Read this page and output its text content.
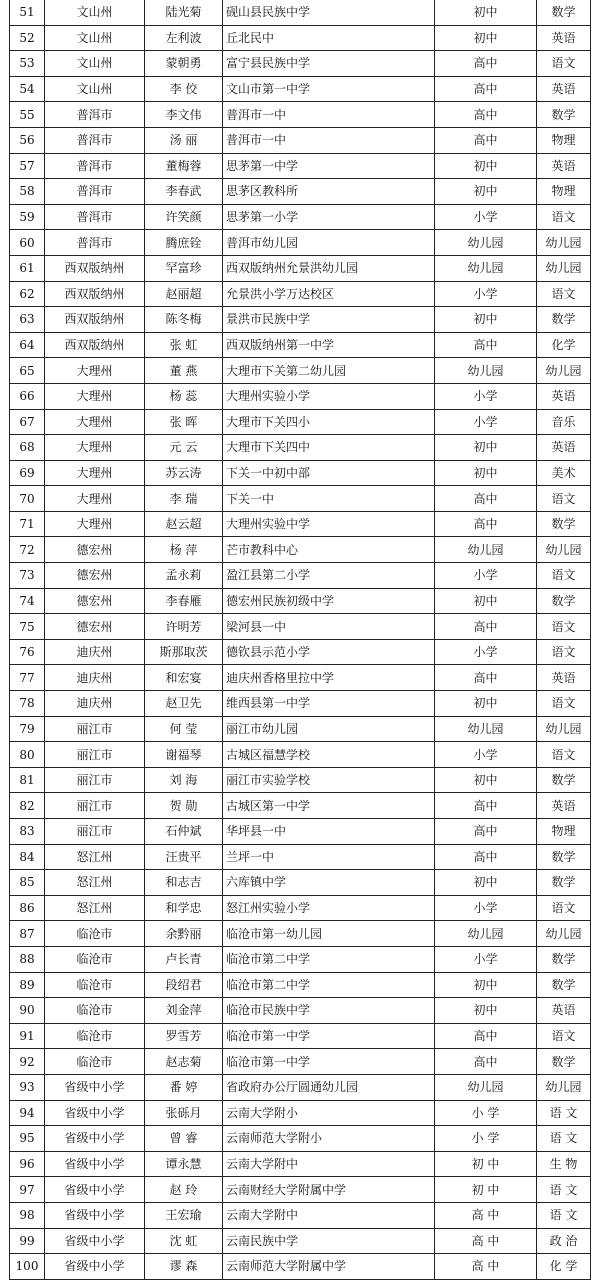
51	文山州	陆光菊	砚山县民族中学	初中	数学
52	文山州	左利波	丘北民中	初中	英语
53	文山州	蒙朝勇	富宁县民族中学	高中	语文
54	文山州	李 佼	文山市第一中学	高中	英语
55	普洱市	李文伟	普洱市一中	高中	数学
56	普洱市	汤 丽	普洱市一中	高中	物理
57	普洱市	董梅蓉	思茅第一中学	初中	英语
58	普洱市	李春武	思茅区教科所	初中	物理
59	普洱市	许笑颜	思茅第一小学	小学	语文
60	普洱市	腾庶铨	普洱市幼儿园	幼儿园	幼儿园
61	西双版纳州	罕富珍	西双版纳州允景洪幼儿园	幼儿园	幼儿园
62	西双版纳州	赵丽超	允景洪小学万达校区	小学	语文
63	西双版纳州	陈冬梅	景洪市民族中学	初中	数学
64	西双版纳州	张 虹	西双版纳州第一中学	高中	化学
65	大理州	董 燕	大理市下关第二幼儿园	幼儿园	幼儿园
66	大理州	杨 蕊	大理州实验小学	小学	英语
67	大理州	张 晖	大理市下关四小	小学	音乐
68	大理州	元 云	大理市下关四中	初中	英语
69	大理州	苏云涛	下关一中初中部	初中	美术
70	大理州	李 瑞	下关一中	高中	语文
71	大理州	赵云超	大理州实验中学	高中	数学
72	德宏州	杨 萍	芒市教科中心	幼儿园	幼儿园
73	德宏州	孟永莉	盈江县第二小学	小学	语文
74	德宏州	李春雁	德宏州民族初级中学	初中	数学
75	德宏州	许明芳	梁河县一中	高中	语文
76	迪庆州	斯那取茨	德钦县示范小学	小学	语文
77	迪庆州	和宏宴	迪庆州香格里拉中学	高中	英语
78	迪庆州	赵卫先	维西县第一中学	初中	语文
79	丽江市	何 莹	丽江市幼儿园	幼儿园	幼儿园
80	丽江市	谢福琴	古城区福慧学校	小学	语文
81	丽江市	刘 海	丽江市实验学校	初中	数学
82	丽江市	贺 勋	古城区第一中学	高中	英语
83	丽江市	石仲斌	华坪县一中	高中	物理
84	怒江州	汪贵平	兰坪一中	高中	数学
85	怒江州	和志吉	六库镇中学	初中	数学
86	怒江州	和学忠	怒江州实验小学	小学	语文
87	临沧市	余黔丽	临沧市第一幼儿园	幼儿园	幼儿园
88	临沧市	卢长青	临沧市第二中学	小学	数学
89	临沧市	段绍君	临沧市第二中学	初中	数学
90	临沧市	刘金萍	临沧市民族中学	初中	英语
91	临沧市	罗雪芳	临沧市第一中学	高中	语文
92	临沧市	赵志菊	临沧市第一中学	高中	数学
93	省级中小学	番 婷	省政府办公厅圆通幼儿园	幼儿园	幼儿园
94	省级中小学	张砾月	云南大学附小	小 学	语 文
95	省级中小学	曾 睿	云南师范大学附小	小 学	语 文
96	省级中小学	谭永慧	云南大学附中	初 中	生 物
97	省级中小学	赵 玲	云南财经大学附属中学	初 中	语 文
98	省级中小学	王宏瑜	云南大学附中	高 中	语 文
99	省级中小学	沈 虹	云南民族中学	高 中	政 治
100	省级中小学	谬 森	云南师范大学附属中学	高 中	化 学
